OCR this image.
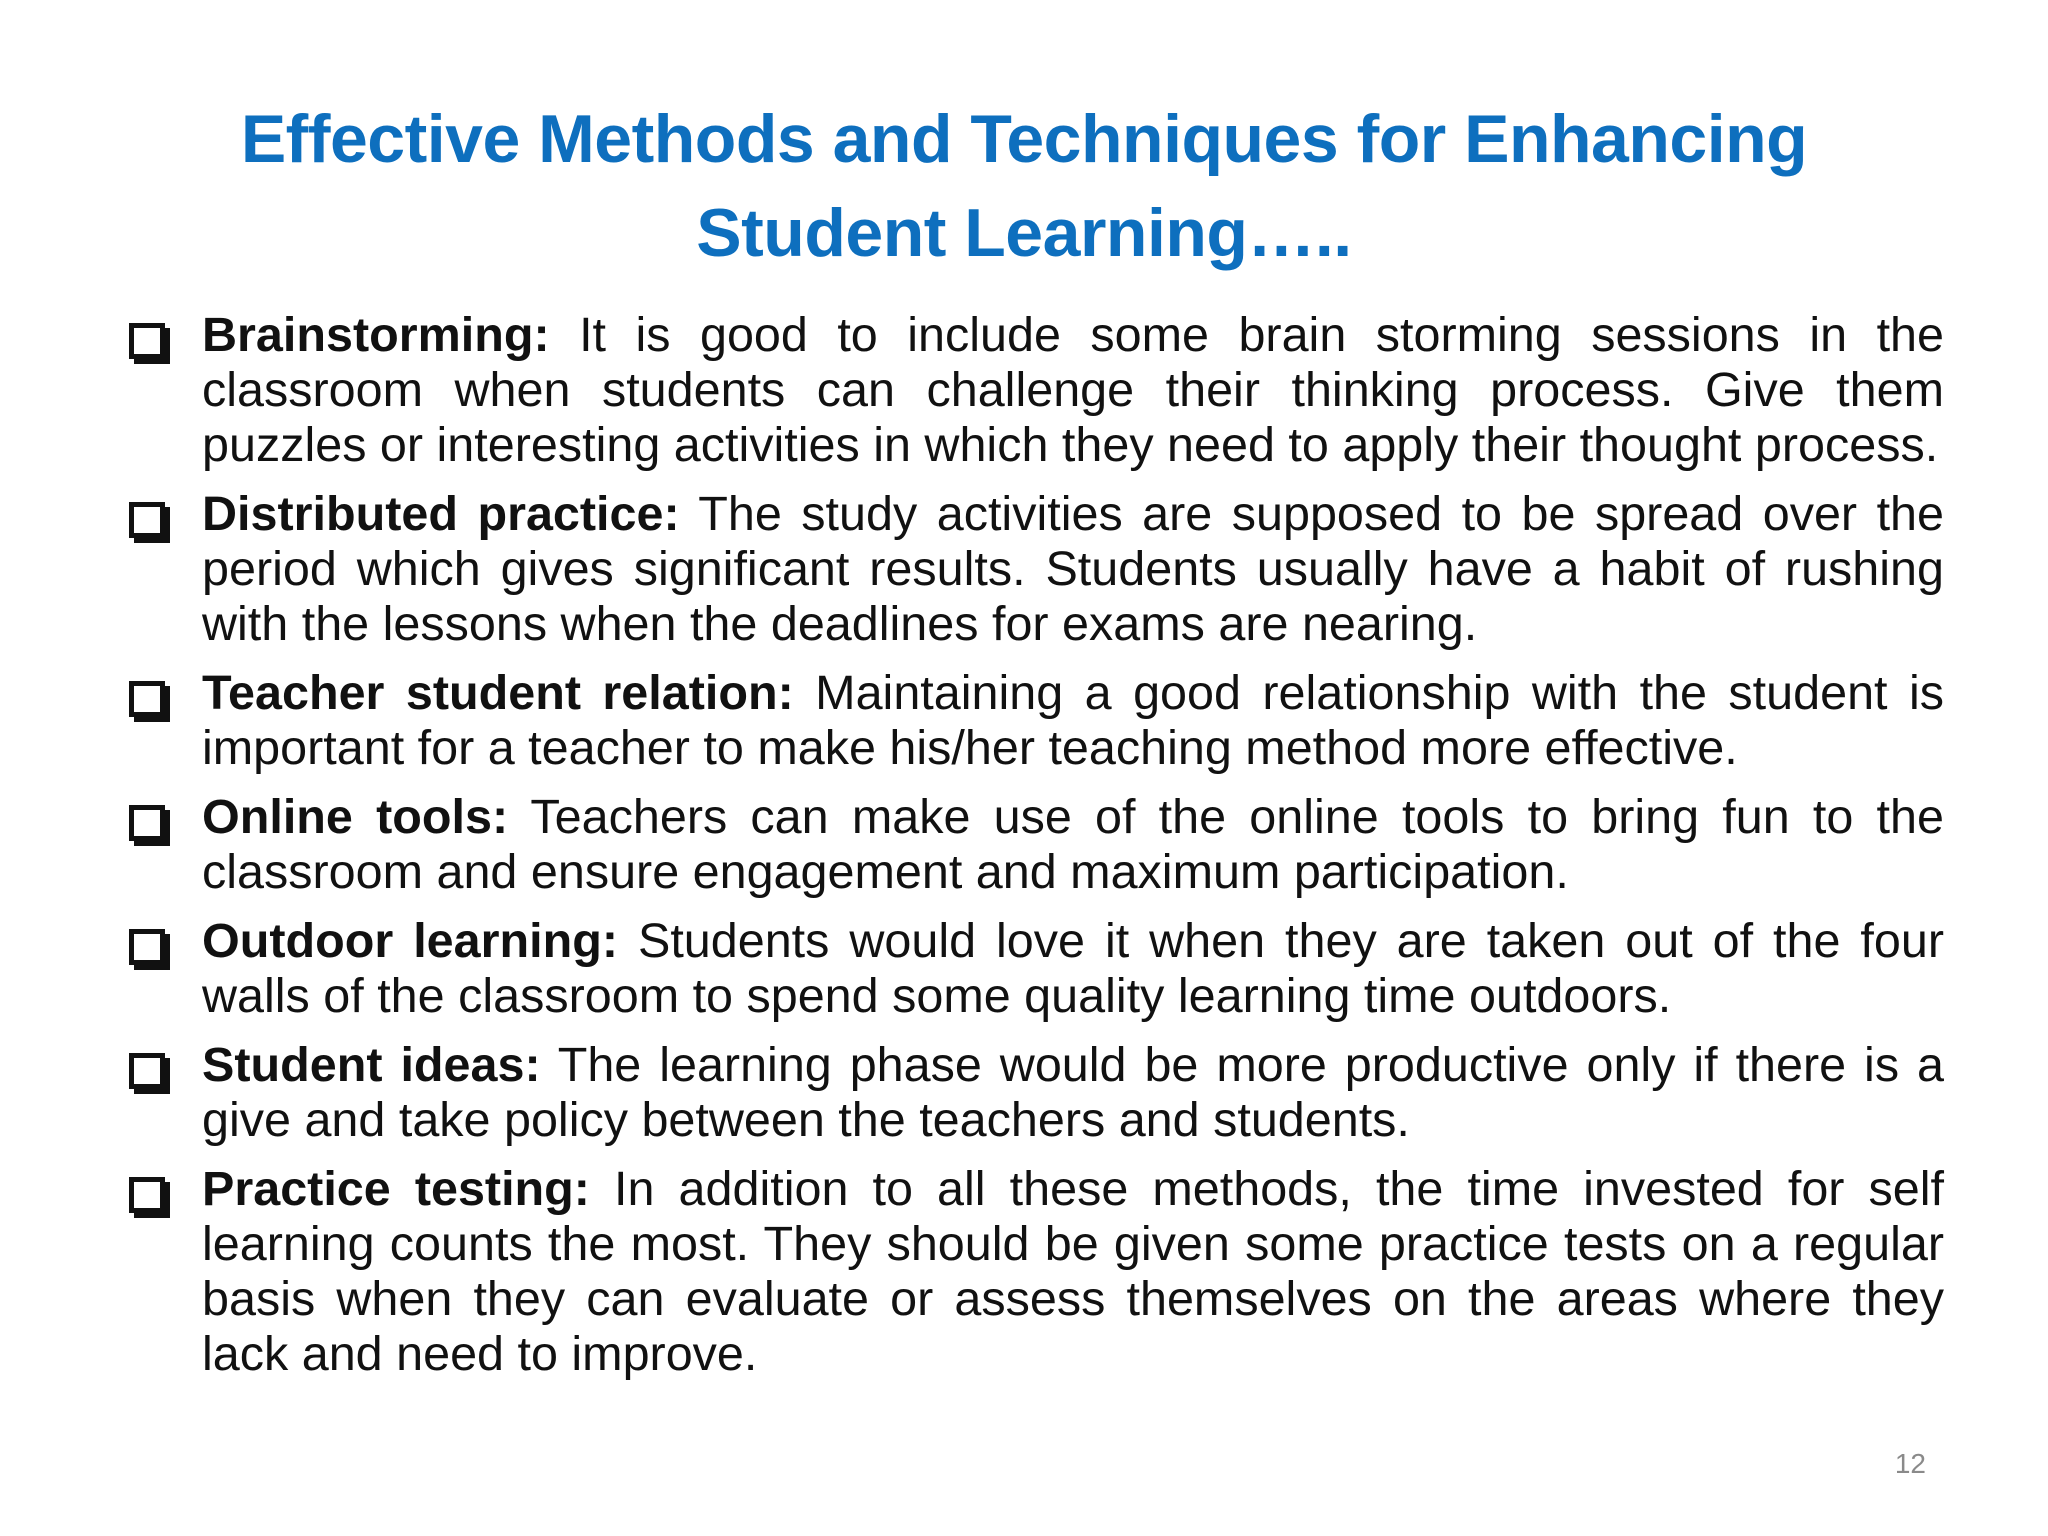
Effective Methods and Techniques for Enhancing
Student Learning…..
Brainstorming: It is good to include some brain storming sessions in the classroom when students can challenge their thinking process. Give them puzzles or interesting activities in which they need to apply their thought process.
Distributed practice: The study activities are supposed to be spread over the period which gives significant results. Students usually have a habit of rushing with the lessons when the deadlines for exams are nearing.
Teacher student relation: Maintaining a good relationship with the student is important for a teacher to make his/her teaching method more effective.
Online tools: Teachers can make use of the online tools to bring fun to the classroom and ensure engagement and maximum participation.
Outdoor learning: Students would love it when they are taken out of the four walls of the classroom to spend some quality learning time outdoors.
Student ideas: The learning phase would be more productive only if there is a give and take policy between the teachers and students.
Practice testing: In addition to all these methods, the time invested for self learning counts the most. They should be given some practice tests on a regular basis when they can evaluate or assess themselves on the areas where they lack and need to improve.
12
